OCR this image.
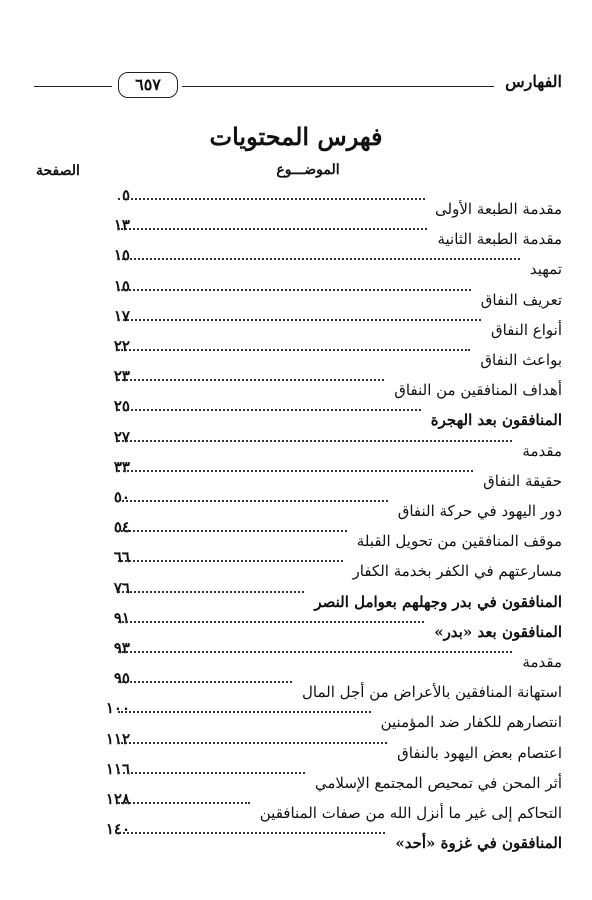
٦٥٧	الفهارس
فهرس المحتويات
الصفحة	الموضـــوع
٥
مقدمة الطبعة الأولى
١٣
مقدمة الطبعة الثانية
١٥
تمهيد
١٥
تعريف النفاق
١٧
أنواع النفاق
٢٢
بواعث النفاق
٢٣
أهداف المنافقين من النفاق
٢٥
المنافقون بعد الهجرة
٢٧
مقدمة
٣٣
حقيقة النفاق
٥٠
دور اليهود في حركة النفاق
٥٤
موقف المنافقين من تحويل القبلة
٦٦
مسارعتهم في الكفر بخدمة الكفار
٧٦
المنافقون في بدر وجهلهم بعوامل النصر
٩١
المنافقون بعد «بدر»
٩٣
مقدمة
٩٥
استهانة المنافقين بالأعراض من أجل المال
١٠٠
انتصارهم للكفار ضد المؤمنين
١١٢
اعتصام بعض اليهود بالنفاق
١١٦
أثر المحن في تمحيص المجتمع الإسلامي
١٢٨
التحاكم إلى غير ما أنزل الله من صفات المنافقين
١٤٠
المنافقون في غزوة «أحد»
